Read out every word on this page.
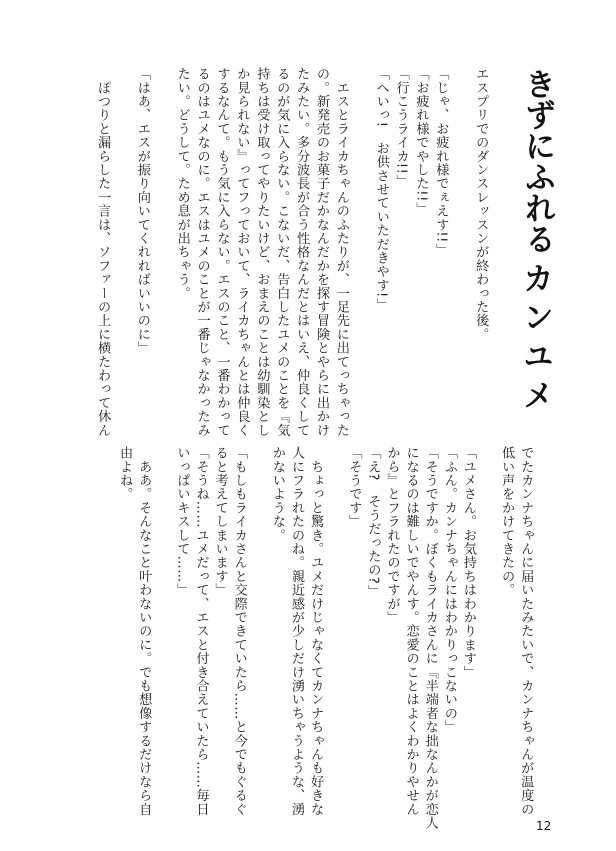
きずにふれる
カンユメ
エスプリでのダンスレッスンが終わった後。
「じゃ、お疲れ様でぇえす!!」
「お疲れ様でやした!!」
「行こうライカ!!」
「へいっ!　お供させていただきやす!」
　エスとライカちゃんのふたりが、一足先に出てっちゃった
の。新発売のお菓子だかなんだかを探す冒険とやらに出かけ
たみたい。多分波長が合う性格なんだとはいえ、仲良くして
るのが気に入らない。こないだ、告白したユメのことを『気
持ちは受け取ってやりたいけど、おまえのことは幼馴染とし
か見られない』ってフっておいて、ライカちゃんとは仲良く
するなんて。もう気に入らない。エスのこと、一番わかって
るのはユメなのに。エスはユメのことが一番じゃなかったみ
たい。どうして。ため息が出ちゃう。
「はあ、エスが振り向いてくれればいいのに」
　ぽつりと漏らした一言は、ソファーの上に横たわって休ん
でたカンナちゃんに届いたみたいで、カンナちゃんが温度の
低い声をかけてきたの。
「ユメさん。お気持ちはわかります」
「ふん。カンナちゃんにはわかりっこないの」
「そうですか。ぼくもライカさんに『半端者な拙なんかが恋人
になるのは難しいでやんす。恋愛のことはよくわかりやせん
から』とフラれたのですが」
「え?　そうだったの?」
「そうです」
　ちょっと驚き。ユメだけじゃなくてカンナちゃんも好きな
人にフラれたのね。親近感が少しだけ湧いちゃうような、湧
かないような。
「もしもライカさんと交際できていたら……と今でもぐるぐ
ると考えてしまいます」
「そうね……ユメだって、エスと付き合えていたら……毎日
いっぱいキスして……」
　ああ。そんなこと叶わないのに。でも想像するだけなら自
由よね。
12
